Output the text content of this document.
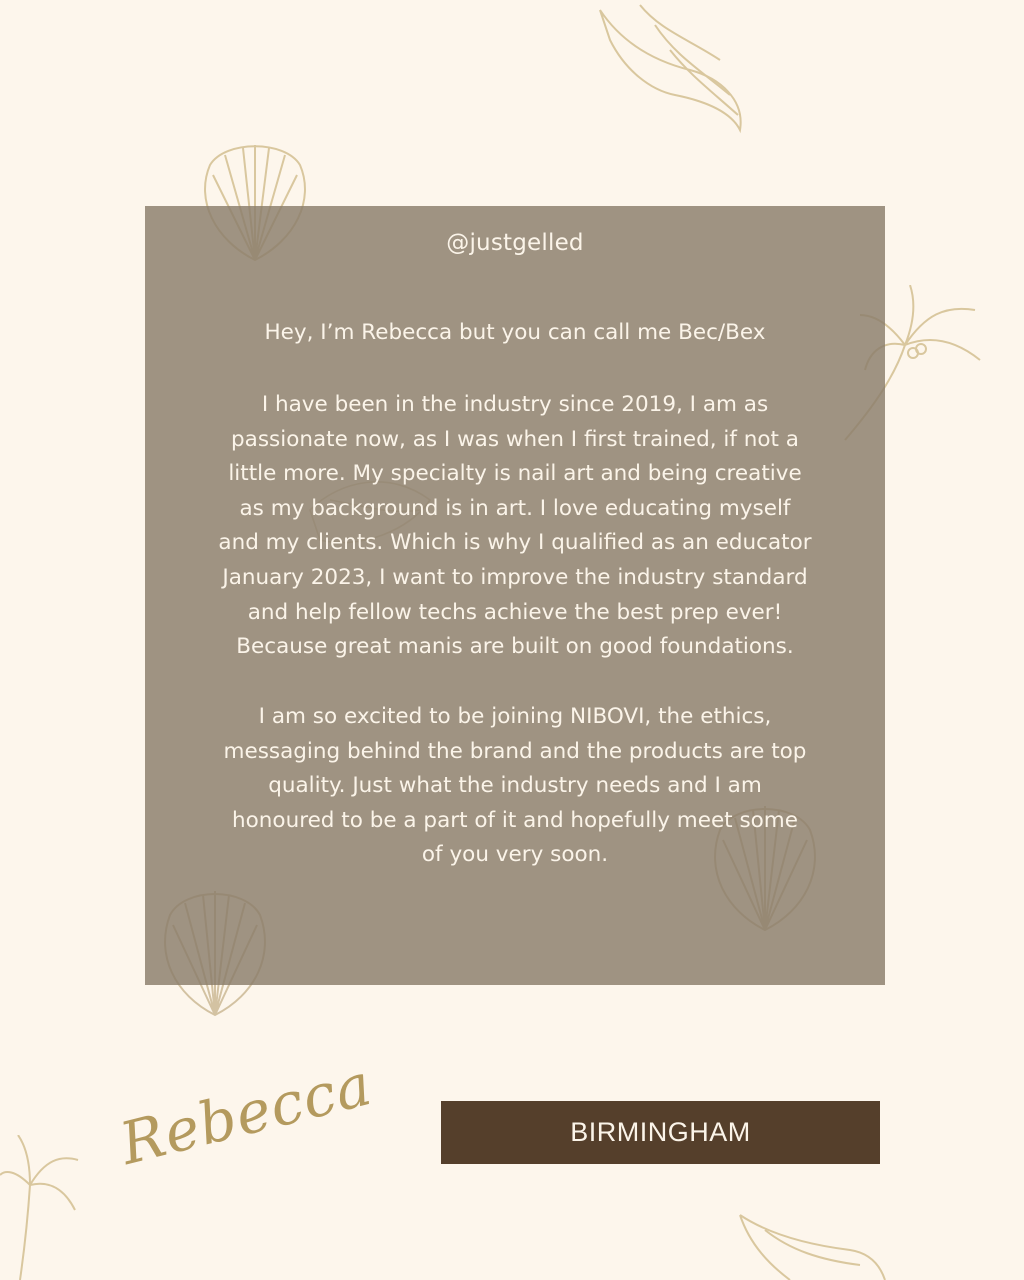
@justgelled

Hey, I’m Rebecca but you can call me Bec/Bex

I have been in the industry since 2019, I am as
passionate now, as I was when I first trained, if not a
little more. My specialty is nail art and being creative
as my background is in art. I love educating myself
and my clients. Which is why I qualified as an educator
January 2023, I want to improve the industry standard
and help fellow techs achieve the best prep ever!
Because great manis are built on good foundations.

I am so excited to be joining NIBOVI, the ethics,
messaging behind the brand and the products are top
quality. Just what the industry needs and I am
honoured to be a part of it and hopefully meet some
of you very soon.

Rebecca	BIRMINGHAM
